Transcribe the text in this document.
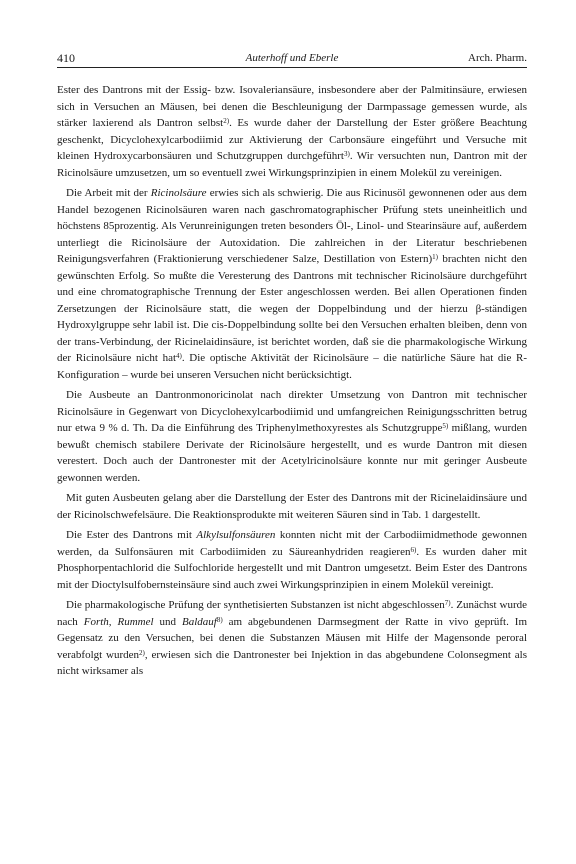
410	Auterhoff und Eberle	Arch. Pharm.

Ester des Dantrons mit der Essig- bzw. Isovaleriansäure, insbesondere aber der Palmitinsäure, erwiesen sich in Versuchen an Mäusen, bei denen die Beschleunigung der Darmpassage gemessen wurde, als stärker laxierend als Dantron selbst$^{2)}$. Es wurde daher der Darstellung der Ester größere Beachtung geschenkt, Dicyclohexylcarbodiimid zur Aktivierung der Carbonsäure eingeführt und Versuche mit kleinen Hydroxycarbonsäuren und Schutzgruppen durchgeführt$^{3)}$. Wir versuchten nun, Dantron mit der Ricinolsäure umzusetzen, um so eventuell zwei Wirkungsprinzipien in einem Molekül zu vereinigen.

Die Arbeit mit der Ricinolsäure erwies sich als schwierig. Die aus Ricinusöl gewonnenen oder aus dem Handel bezogenen Ricinolsäuren waren nach gaschromatographischer Prüfung stets uneinheitlich und höchstens 85prozentig. Als Verunreinigungen treten besonders Öl-, Linol- und Stearinsäure auf, außerdem unterliegt die Ricinolsäure der Autoxidation. Die zahlreichen in der Literatur beschriebenen Reinigungsverfahren (Fraktionierung verschiedener Salze, Destillation von Estern)$^{1)}$ brachten nicht den gewünschten Erfolg. So mußte die Veresterung des Dantrons mit technischer Ricinolsäure durchgeführt und eine chromatographische Trennung der Ester angeschlossen werden. Bei allen Operationen finden Zersetzungen der Ricinolsäure statt, die wegen der Doppelbindung und der hierzu β-ständigen Hydroxylgruppe sehr labil ist. Die cis-Doppelbindung sollte bei den Versuchen erhalten bleiben, denn von der trans-Verbindung, der Ricinelaidinsäure, ist berichtet worden, daß sie die pharmakologische Wirkung der Ricinolsäure nicht hat$^{4)}$. Die optische Aktivität der Ricinolsäure – die natürliche Säure hat die R-Konfiguration – wurde bei unseren Versuchen nicht berücksichtigt.

Die Ausbeute an Dantronmonoricinolat nach direkter Umsetzung von Dantron mit technischer Ricinolsäure in Gegenwart von Dicyclohexylcarbodiimid und umfangreichen Reinigungsschritten betrug nur etwa 9 % d. Th. Da die Einführung des Triphenylmethoxyrestes als Schutzgruppe$^{5)}$ mißlang, wurden bewußt chemisch stabilere Derivate der Ricinolsäure hergestellt, und es wurde Dantron mit diesen verestert. Doch auch der Dantronester mit der Acetylricinolsäure konnte nur mit geringer Ausbeute gewonnen werden.

Mit guten Ausbeuten gelang aber die Darstellung der Ester des Dantrons mit der Ricinelaidinsäure und der Ricinolschwefelsäure. Die Reaktionsprodukte mit weiteren Säuren sind in Tab. 1 dargestellt.

Die Ester des Dantrons mit Alkylsulfonsäuren konnten nicht mit der Carbodiimidmethode gewonnen werden, da Sulfonsäuren mit Carbodiimiden zu Säureanhydriden reagieren$^{6)}$. Es wurden daher mit Phosphorpentachlorid die Sulfochloride hergestellt und mit Dantron umgesetzt. Beim Ester des Dantrons mit der Dioctylsulfobernsteinsäure sind auch zwei Wirkungsprinzipien in einem Molekül vereinigt.

Die pharmakologische Prüfung der synthetisierten Substanzen ist nicht abgeschlossen$^{7)}$. Zunächst wurde nach Forth, Rummel und Baldauf$^{8)}$ am abgebundenen Darmsegment der Ratte in vivo geprüft. Im Gegensatz zu den Versuchen, bei denen die Substanzen Mäusen mit Hilfe der Magensonde peroral verabfolgt wurden$^{2)}$, erwiesen sich die Dantronester bei Injektion in das abgebundene Colonsegment als nicht wirksamer als
